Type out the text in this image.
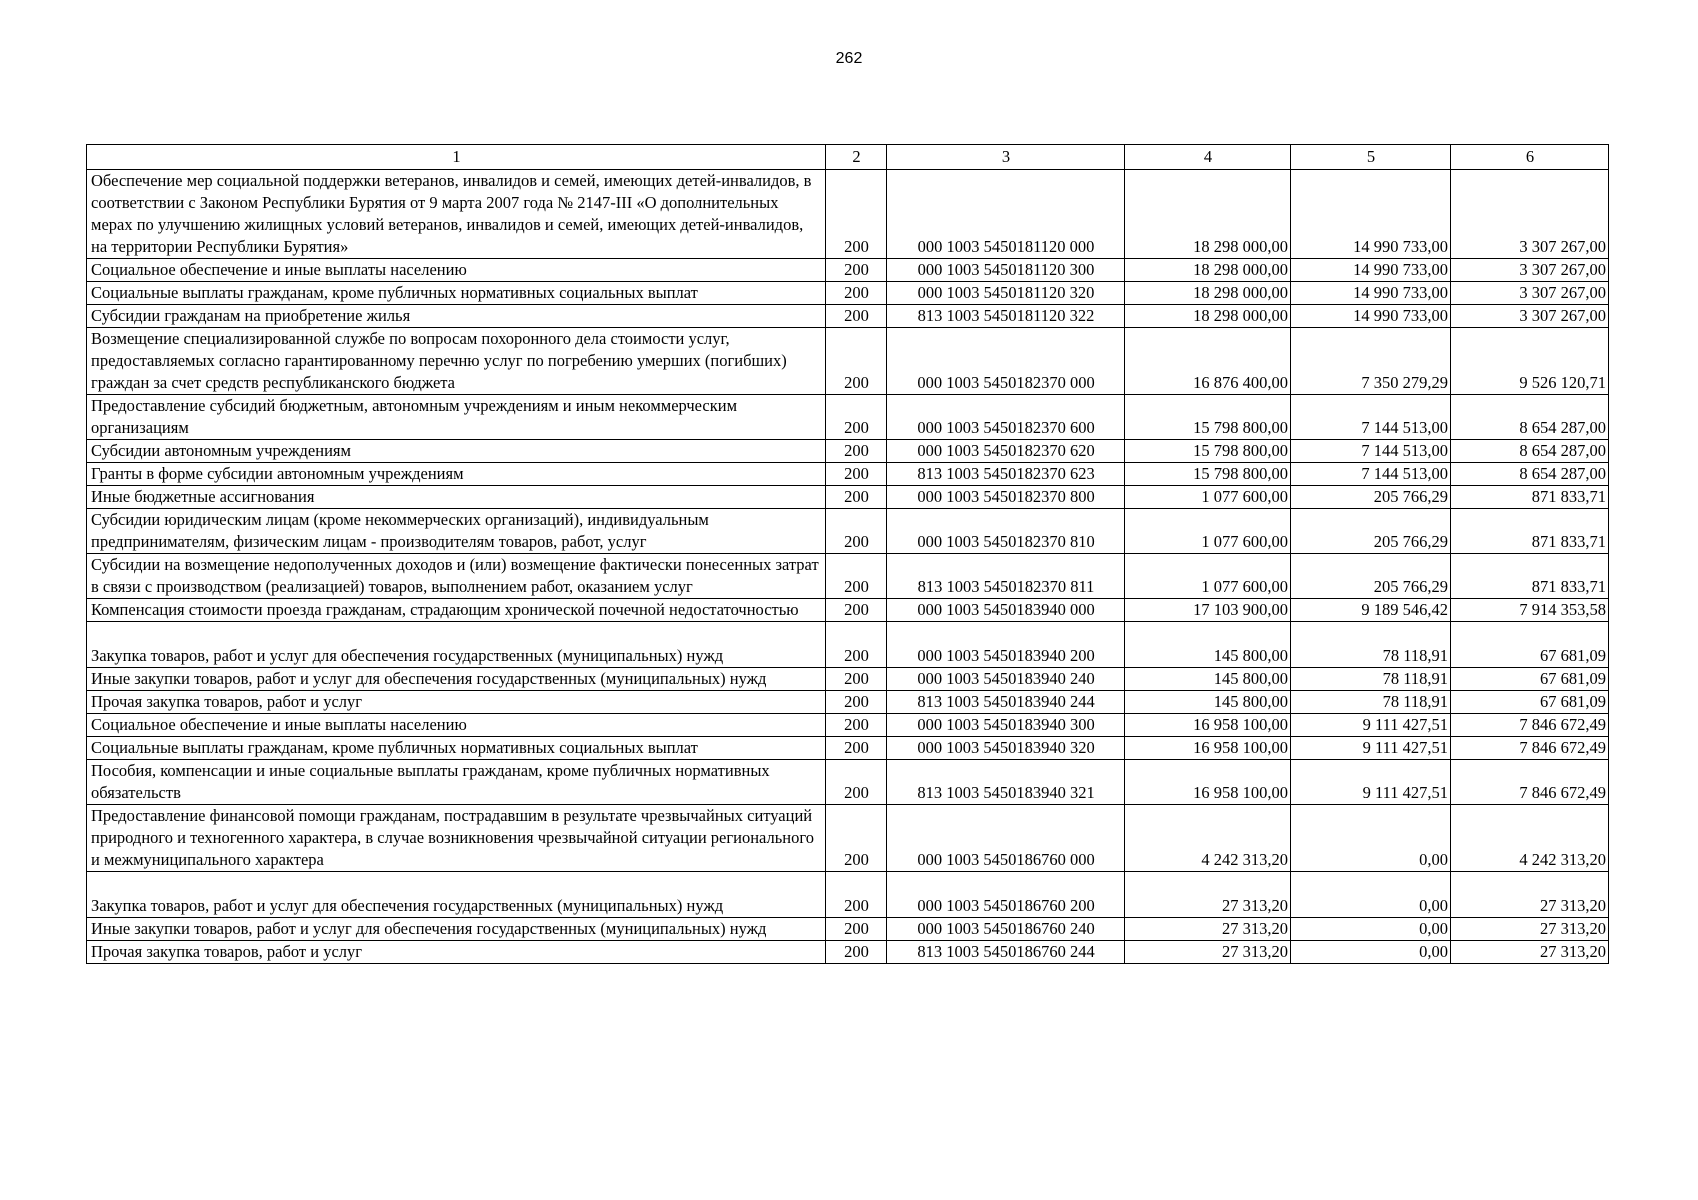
262
1	2	3	4	5	6
Обеспечение мер социальной поддержки ветеранов, инвалидов и семей, имеющих детей-инвалидов, в соответствии с Законом Республики Бурятия от 9 марта 2007 года № 2147-III «О дополнительных мерах по улучшению жилищных условий ветеранов, инвалидов и семей, имеющих детей-инвалидов, на территории Республики Бурятия»	200	000 1003 5450181120 000	18 298 000,00	14 990 733,00	3 307 267,00
Социальное обеспечение и иные выплаты населению	200	000 1003 5450181120 300	18 298 000,00	14 990 733,00	3 307 267,00
Социальные выплаты гражданам, кроме публичных нормативных социальных выплат	200	000 1003 5450181120 320	18 298 000,00	14 990 733,00	3 307 267,00
Субсидии гражданам на приобретение жилья	200	813 1003 5450181120 322	18 298 000,00	14 990 733,00	3 307 267,00
Возмещение специализированной службе по вопросам похоронного дела стоимости услуг, предоставляемых согласно гарантированному перечню услуг по погребению умерших (погибших) граждан за счет средств республиканского бюджета	200	000 1003 5450182370 000	16 876 400,00	7 350 279,29	9 526 120,71
Предоставление субсидий бюджетным, автономным учреждениям и иным некоммерческим организациям	200	000 1003 5450182370 600	15 798 800,00	7 144 513,00	8 654 287,00
Субсидии автономным учреждениям	200	000 1003 5450182370 620	15 798 800,00	7 144 513,00	8 654 287,00
Гранты в форме субсидии автономным учреждениям	200	813 1003 5450182370 623	15 798 800,00	7 144 513,00	8 654 287,00
Иные бюджетные ассигнования	200	000 1003 5450182370 800	1 077 600,00	205 766,29	871 833,71
Субсидии юридическим лицам (кроме некоммерческих организаций), индивидуальным предпринимателям, физическим лицам - производителям товаров, работ, услуг	200	000 1003 5450182370 810	1 077 600,00	205 766,29	871 833,71
Субсидии на возмещение недополученных доходов и (или) возмещение фактически понесенных затрат в связи с производством (реализацией) товаров, выполнением работ, оказанием услуг	200	813 1003 5450182370 811	1 077 600,00	205 766,29	871 833,71
Компенсация стоимости проезда гражданам, страдающим хронической почечной недостаточностью	200	000 1003 5450183940 000	17 103 900,00	9 189 546,42	7 914 353,58
Закупка товаров, работ и услуг для обеспечения государственных (муниципальных) нужд	200	000 1003 5450183940 200	145 800,00	78 118,91	67 681,09
Иные закупки товаров, работ и услуг для обеспечения государственных (муниципальных) нужд	200	000 1003 5450183940 240	145 800,00	78 118,91	67 681,09
Прочая закупка товаров, работ и услуг	200	813 1003 5450183940 244	145 800,00	78 118,91	67 681,09
Социальное обеспечение и иные выплаты населению	200	000 1003 5450183940 300	16 958 100,00	9 111 427,51	7 846 672,49
Социальные выплаты гражданам, кроме публичных нормативных социальных выплат	200	000 1003 5450183940 320	16 958 100,00	9 111 427,51	7 846 672,49
Пособия, компенсации и иные социальные выплаты гражданам, кроме публичных нормативных обязательств	200	813 1003 5450183940 321	16 958 100,00	9 111 427,51	7 846 672,49
Предоставление финансовой помощи гражданам, пострадавшим в результате чрезвычайных ситуаций природного и техногенного характера, в случае возникновения чрезвычайной ситуации регионального и межмуниципального характера	200	000 1003 5450186760 000	4 242 313,20	0,00	4 242 313,20
Закупка товаров, работ и услуг для обеспечения государственных (муниципальных) нужд	200	000 1003 5450186760 200	27 313,20	0,00	27 313,20
Иные закупки товаров, работ и услуг для обеспечения государственных (муниципальных) нужд	200	000 1003 5450186760 240	27 313,20	0,00	27 313,20
Прочая закупка товаров, работ и услуг	200	813 1003 5450186760 244	27 313,20	0,00	27 313,20
